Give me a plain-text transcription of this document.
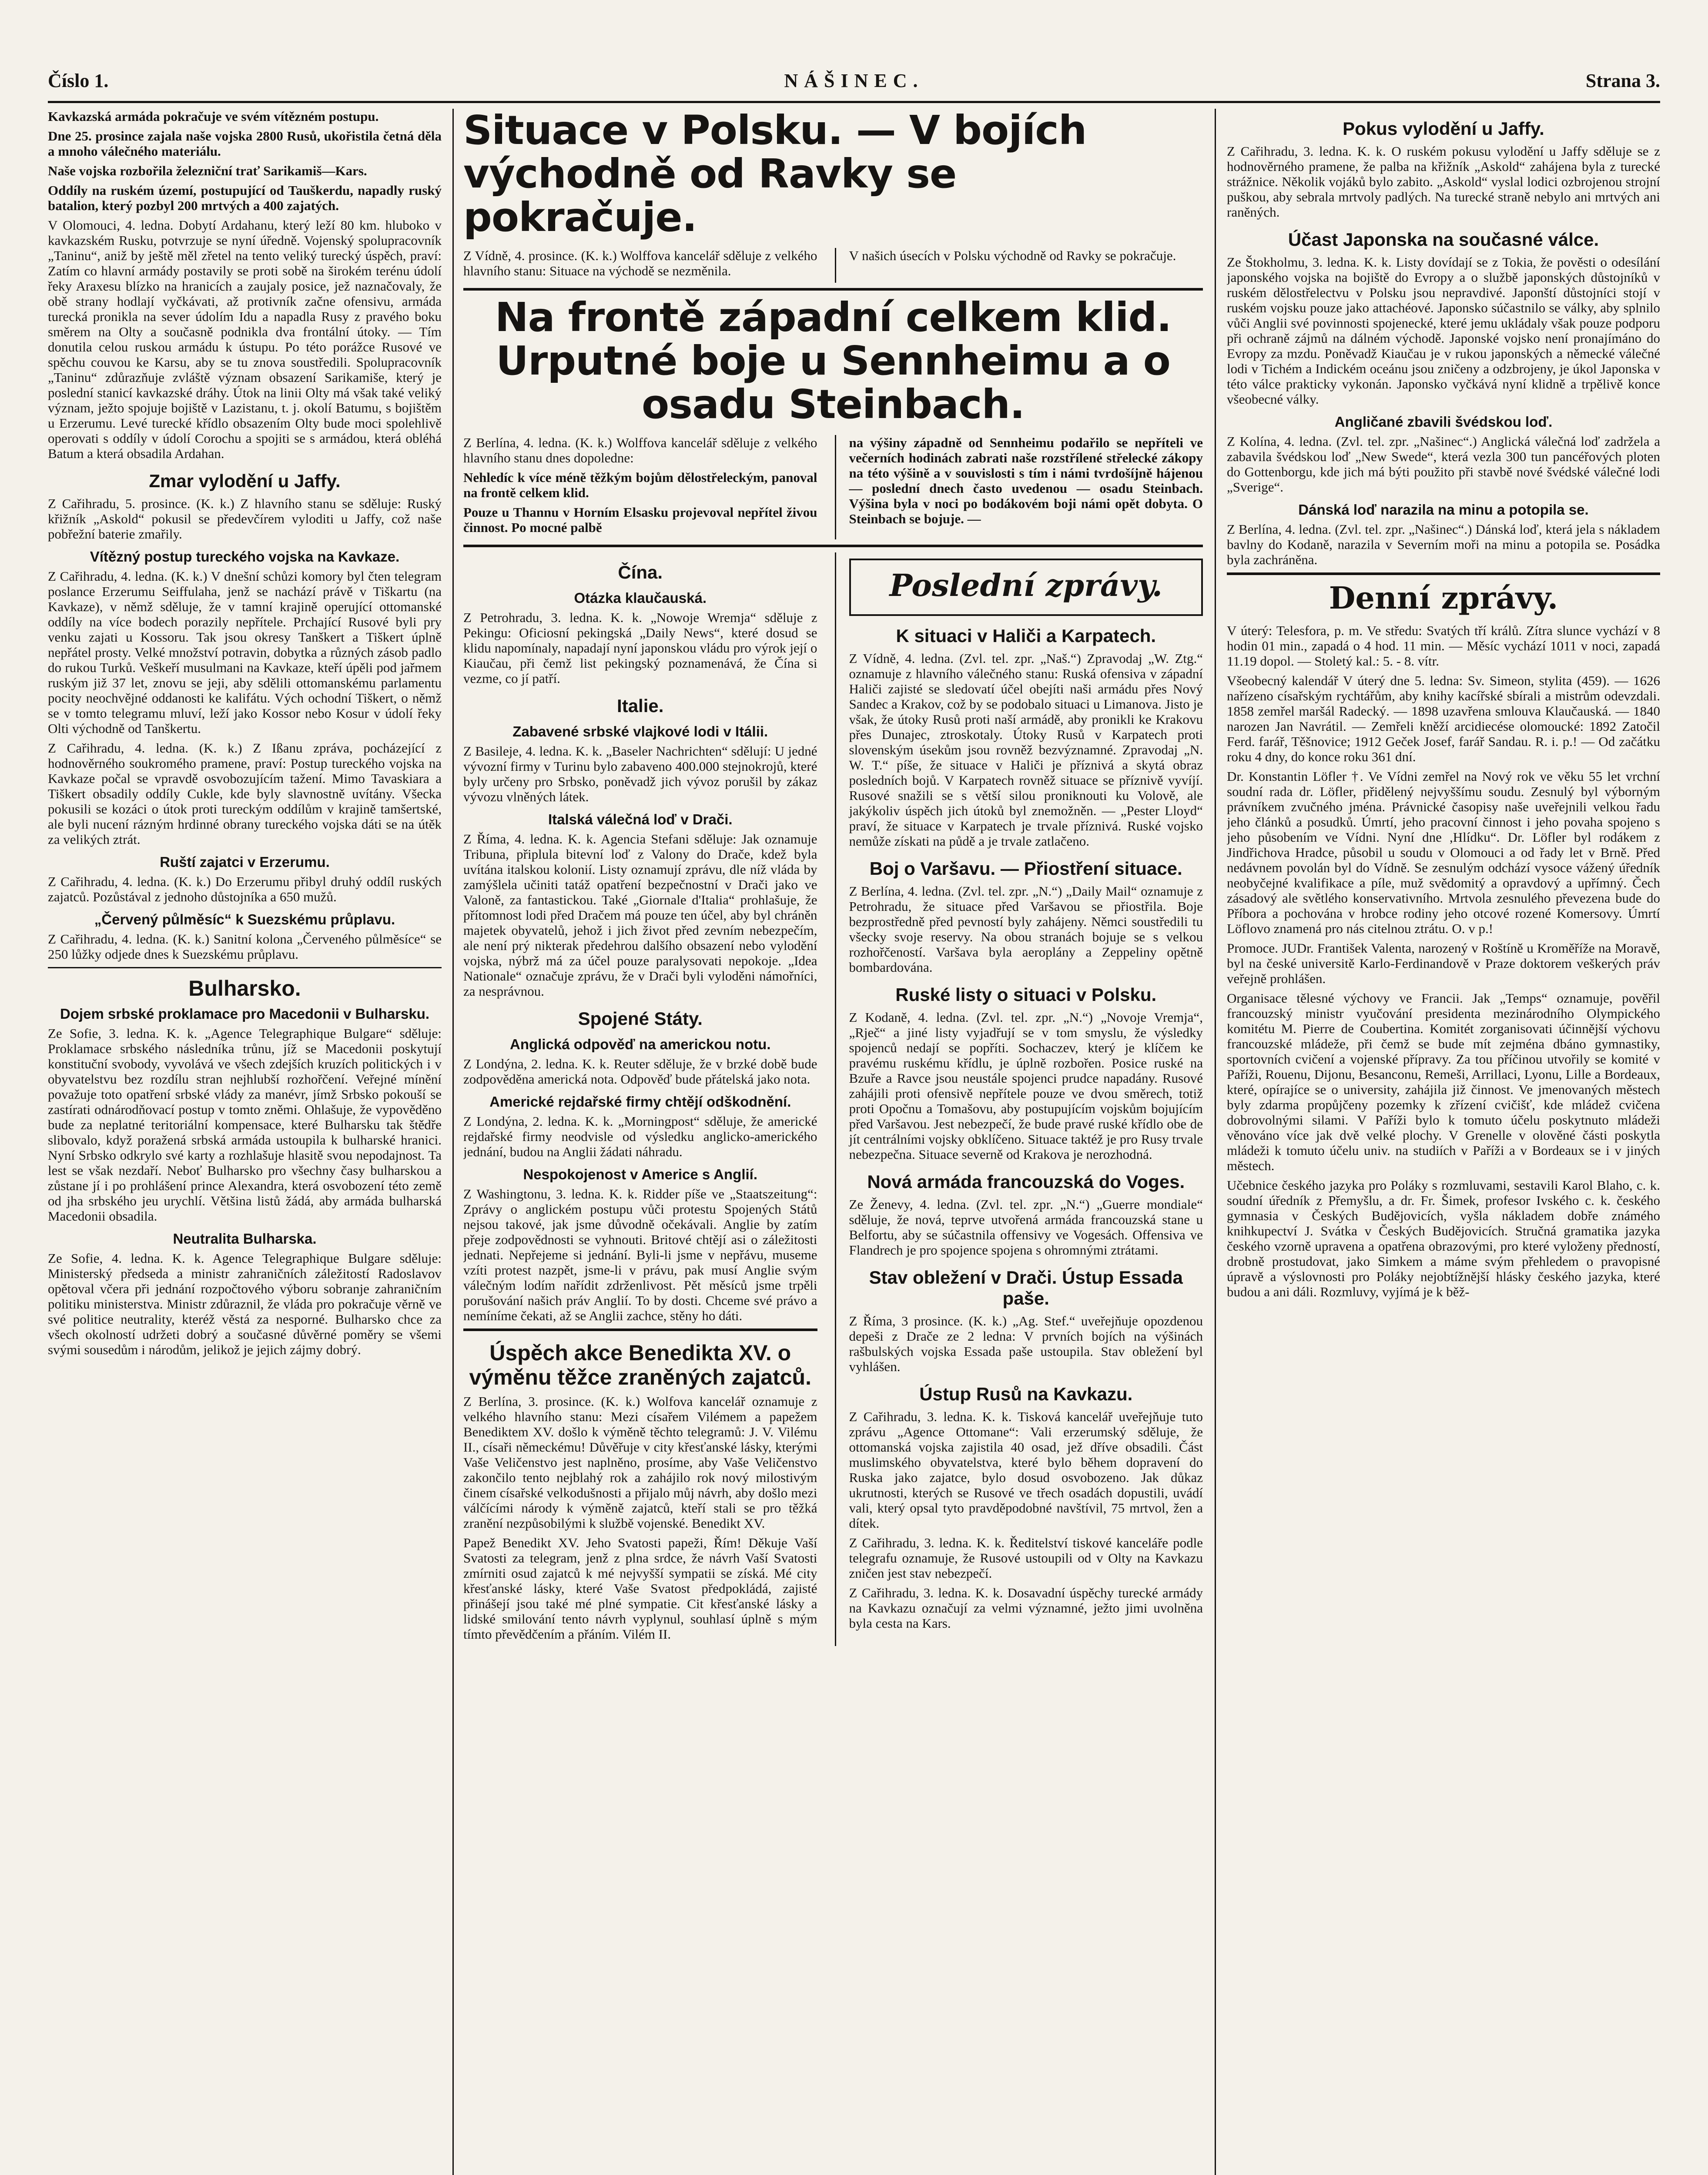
Číslo 1.	NÁŠINEC.	Strana 3.

Kavkazská armáda pokračuje ve svém vítězném postupu.

Dne 25. prosince zajala naše vojska 2800 Rusů, ukořistila četná děla a mnoho válečného materiálu.

Naše vojska rozbořila železniční trať Sarikamiš—Kars.

Oddíly na ruském území, postupující od Tauškerdu, napadly ruský batalion, který pozbyl 200 mrtvých a 400 zajatých.

V Olomouci, 4. ledna. Dobytí Ardahanu, který leží 80 km. hluboko v kavkazském Rusku, potvrzuje se nyní úředně. Vojenský spolupracovník „Taninu“, aniž by ještě měl zřetel na tento veliký turecký úspěch, praví: Zatím co hlavní armády postavily se proti sobě na širokém terénu údolí řeky Araxesu blízko na hranicích a zaujaly posice, jež naznačovaly, že obě strany hodlají vyčkávati, až protivník začne ofensivu, armáda turecká pronikla na sever údolím Idu a napadla Rusy z pravého boku směrem na Olty a současně podnikla dva frontální útoky. — Tím donutila celou ruskou armádu k ústupu. Po této porážce Rusové ve spěchu couvou ke Karsu, aby se tu znova soustředili. Spolupracovník „Taninu“ zdůrazňuje zvláště význam obsazení Sarikamiše, který je poslední stanicí kavkazské dráhy. Útok na linii Olty má však také veliký význam, ježto spojuje bojiště v Lazistanu, t. j. okolí Batumu, s bojištěm u Erzerumu. Levé turecké křídlo obsazením Olty bude moci spolehlivě operovati s oddíly v údolí Corochu a spojiti se s armádou, která obléhá Batum a která obsadila Ardahan.

Zmar vylodění u Jaffy.

Z Cařihradu, 5. prosince. (K. k.) Z hlavního stanu se sděluje: Ruský křižník „Askold“ pokusil se předevčírem vyloditi u Jaffy, což naše pobřežní baterie zmařily.

Vítězný postup tureckého vojska na Kavkaze.

Z Cařihradu, 4. ledna. (K. k.) V dnešní schůzi komory byl čten telegram poslance Erzerumu Seiffulaha, jenž se nachází právě v Tiškartu (na Kavkaze), v němž sděluje, že v tamní krajině operující ottomanské oddíly na více bodech porazily nepřítele. Prchající Rusové byli pry venku zajati u Kossoru. Tak jsou okresy Tanškert a Tiškert úplně nepřátel prosty. Velké množství potravin, dobytka a různých zásob padlo do rukou Turků. Veškeří musulmani na Kavkaze, kteří úpěli pod jařmem ruským již 37 let, znovu se jeji, aby sdělili ottomanskému parlamentu pocity neochvějné oddanosti ke kalifátu. Vých ochodní Tiškert, o němž se v tomto telegramu mluví, leží jako Kossor nebo Kosur v údolí řeky Olti východně od Tanškertu.

Z Cařihradu, 4. ledna. (K. k.) Z Ißanu zpráva, pocházející z hodnověrného soukromého pramene, praví: Postup tureckého vojska na Kavkaze počal se vpravdě osvobozujícím tažení. Mimo Tavaskiara a Tiškert obsadily oddíly Cukle, kde byly slavnostně uvítány. Všecka pokusili se kozáci o útok proti tureckým oddílům v krajině tamšertské, ale byli nucení rázným hrdinné obrany tureckého vojska dáti se na útěk za velikých ztrát.

Ruští zajatci v Erzerumu.

Z Cařihradu, 4. ledna. (K. k.) Do Erzerumu přibyl druhý oddíl ruských zajatců. Pozůstával z jednoho důstojníka a 650 mužů.

„Červený půlměsíc“ k Suezskému průplavu.

Z Cařihradu, 4. ledna. (K. k.) Sanitní kolona „Červeného půlměsíce“ se 250 lůžky odjede dnes k Suezskému průplavu.

Bulharsko.
Dojem srbské proklamace pro Macedonii v Bulharsku.

Ze Sofie, 3. ledna. K. k. „Agence Telegraphique Bulgare“ sděluje: Proklamace srbského následníka trůnu, jíž se Macedonii poskytují konstituční svobody, vyvolává ve všech zdejších kruzích politických i v obyvatelstvu bez rozdílu stran nejhlubší rozhořčení. Veřejné mínění považuje toto opatření srbské vlády za manévr, jímž Srbsko pokouší se zastírati odnárodňovací postup v tomto zněmi. Ohlašuje, že vypověděno bude za neplatné teritoriální kompensace, které Bulharsku tak štědře slibovalo, když poražená srbská armáda ustoupila k bulharské hranici. Nyní Srbsko odkrylo své karty a rozhlašuje hlasitě svou nepodajnost. Ta lest se však nezdaří. Neboť Bulharsko pro všechny časy bulharskou a zůstane jí i po prohlášení prince Alexandra, která osvobození této země od jha srbského jeu urychlí. Většina listů žádá, aby armáda bulharská Macedonii obsadila.

Neutralita Bulharska.

Ze Sofie, 4. ledna. K. k. Agence Telegraphique Bulgare sděluje: Ministerský předseda a ministr zahraničních záležitostí Radoslavov opětoval včera při jednání rozpočtového výboru sobranje zahraničním politiku ministerstva. Ministr zdůraznil, že vláda pro pokračuje věrně ve své politice neutrality, kteréž věstá za nesporné. Bulharsko chce za všech okolností udržeti dobrý a současné důvěrné poměry se všemi svými sousedům i národům, jelikož je jejich zájmy dobrý.

Situace v Polsku. — V bojích východně od Ravky se pokračuje.

Z Vídně, 4. prosince. (K. k.) Wolffova kancelář sděluje z velkého hlavního stanu: Situace na východě se nezměnila.

V našich úsecích v Polsku východně od Ravky se pokračuje.

Na frontě západní celkem klid. Urputné boje u Sennheimu a o osadu Steinbach.

Z Berlína, 4. ledna. (K. k.) Wolffova kancelář sděluje z velkého hlavního stanu dnes dopoledne:

Nehledíc k více méně těžkým bojům dělostřeleckým, panoval na frontě celkem klid.

Pouze u Thannu v Horním Elsasku projevoval nepřítel živou činnost. Po mocné palbě

na výšiny západně od Sennheimu podařilo se nepříteli ve večerních hodinách zabrati naše rozstřílené střelecké zákopy na této výšině a v souvislosti s tím i námi tvrdošíjně hájenou — poslední dnech často uvedenou — osadu Steinbach. Výšina byla v noci po bodákovém boji námi opět dobyta. O Steinbach se bojuje. —

Čína.
Otázka klaučauská.

Z Petrohradu, 3. ledna. K. k. „Nowoje Wremja“ sděluje z Pekingu: Oficiosní pekingská „Daily News“, které dosud se klidu napomínaly, napadají nyní japonskou vládu pro výrok její o Kiaučau, při čemž list pekingský poznamenává, že Čína si vezme, co jí patří.

Italie.
Zabavené srbské vlajkové lodi v Itálii.

Z Basileje, 4. ledna. K. k. „Baseler Nachrichten“ sdělují: U jedné vývozní firmy v Turinu bylo zabaveno 400.000 stejnokrojů, které byly určeny pro Srbsko, poněvadž jich vývoz porušil by zákaz vývozu vlněných látek.

Italská válečná loď v Drači.

Z Říma, 4. ledna. K. k. Agencia Stefani sděluje: Jak oznamuje Tribuna, připlula bitevní loď z Valony do Drače, kdež byla uvítána italskou kolonií. Listy oznamují zprávu, dle níž vláda by zamýšlela učiniti tatáž opatření bezpečnostní v Drači jako ve Valoně, za fantastickou. Také „Giornale d'Italia“ prohlašuje, že přítomnost lodi před Dračem má pouze ten účel, aby byl chráněn majetek obyvatelů, jehož i jich život před zevním nebezpečím, ale není prý nikterak předehrou dalšího obsazení nebo vylodění vojska, nýbrž má za účel pouze paralysovati nepokoje. „Idea Nationale“ označuje zprávu, že v Drači byli vyloděni námořníci, za nesprávnou.

Spojené Státy.
Anglická odpověď na americkou notu.

Z Londýna, 2. ledna. K. k. Reuter sděluje, že v brzké době bude zodpověděna americká nota. Odpověď bude přátelská jako nota.

Americké rejdařské firmy chtějí odškodnění.

Z Londýna, 2. ledna. K. k. „Morningpost“ sděluje, že americké rejdařské firmy neodvisle od výsledku anglicko-amerického jednání, budou na Anglii žádati náhradu.

Nespokojenost v Americe s Anglií.

Z Washingtonu, 3. ledna. K. k. Ridder píše ve „Staatszeitung“: Zprávy o anglickém postupu vůči protestu Spojených Států nejsou takové, jak jsme důvodně očekávali. Anglie by zatím přeje zodpovědnosti se vyhnouti. Britové chtějí asi o záležitosti jednati. Nepřejeme si jednání. Byli-li jsme v nepřávu, museme vzíti protest nazpět, jsme-li v právu, pak musí Anglie svým válečným lodím nařídit zdrženlivost. Pět měsíců jsme trpěli porušování našich práv Anglií. To by dosti. Chceme své právo a nemíníme čekati, až se Anglii zachce, stěny ho dáti.

Úspěch akce Benedikta XV. o výměnu těžce zraněných zajatců.

Z Berlína, 3. prosince. (K. k.) Wolfova kancelář oznamuje z velkého hlavního stanu: Mezi císařem Vilémem a papežem Benediktem XV. došlo k výměně těchto telegramů: J. V. Vilému II., císaři německému! Důvěřuje v city křesťanské lásky, kterými Vaše Veličenstvo jest naplněno, prosíme, aby Vaše Veličenstvo zakončilo tento nejblahý rok a zahájilo rok nový milostivým činem císařské velkodušnosti a přijalo můj návrh, aby došlo mezi válčícími národy k výměně zajatců, kteří stali se pro těžká zranění nezpůsobilými k službě vojenské. Benedikt XV.

Papež Benedikt XV. Jeho Svatosti papeži, Řím! Děkuje Vaší Svatosti za telegram, jenž z plna srdce, že návrh Vaší Svatosti zmírniti osud zajatců k mé nejvyšší sympatii se získá. Mé city křesťanské lásky, které Vaše Svatost předpokládá, zajisté přinášejí jsou také mé plné sympatie. Cit křesťanské lásky a lidské smilování tento návrh vyplynul, souhlasí úplně s mým tímto převědčením a přáním. Vilém II.

Poslední zprávy.
K situaci v Haliči a Karpatech.

Z Vídně, 4. ledna. (Zvl. tel. zpr. „Naš.“) Zpravodaj „W. Ztg.“ oznamuje z hlavního válečného stanu: Ruská ofensiva v západní Haliči zajisté se sledovatí účel obejíti naši armádu přes Nový Sandec a Krakov, což by se podobalo situaci u Limanova. Jisto je však, že útoky Rusů proti naší armádě, aby pronikli ke Krakovu přes Dunajec, ztroskotaly. Útoky Rusů v Karpatech proti slovenským úsekům jsou rovněž bezvýznamné. Zpravodaj „N. W. T.“ píše, že situace v Haliči je příznivá a skytá obraz posledních bojů. V Karpatech rovněž situace se příznivě vyvíjí. Rusové snažili se s větší silou proniknouti ku Volově, ale jakýkoliv úspěch jich útoků byl znemožněn. — „Pester Lloyd“ praví, že situace v Karpatech je trvale příznivá. Ruské vojsko nemůže získati na půdě a je trvale zatlačeno.

Boj o Varšavu. — Přiostření situace.

Z Berlína, 4. ledna. (Zvl. tel. zpr. „N.“) „Daily Mail“ oznamuje z Petrohradu, že situace před Varšavou se přiostřila. Boje bezprostředně před pevností byly zahájeny. Němci soustředili tu všecky svoje reservy. Na obou stranách bojuje se s velkou rozhořčeností. Varšava byla aeroplány a Zeppeliny opětně bombardována.

Ruské listy o situaci v Polsku.

Z Kodaně, 4. ledna. (Zvl. tel. zpr. „N.“) „Novoje Vremja“, „Rječ“ a jiné listy vyjadřují se v tom smyslu, že výsledky spojenců nedají se popříti. Sochaczev, který je klíčem ke pravému ruskému křídlu, je úplně rozbořen. Posice ruské na Bzuře a Ravce jsou neustále spojenci prudce napadány. Rusové zahájili proti ofensivě nepřítele pouze ve dvou směrech, totiž proti Opočnu a Tomašovu, aby postupujícím vojskům bojujícím před Varšavou. Jest nebezpečí, že bude pravé ruské křídlo obe de jít centrálními vojsky obklíčeno. Situace taktéž je pro Rusy trvale nebezpečna. Situace severně od Krakova je nerozhodná.

Nová armáda francouzská do Voges.

Ze Ženevy, 4. ledna. (Zvl. tel. zpr. „N.“) „Guerre mondiale“ sděluje, že nová, teprve utvořená armáda francouzská stane u Belfortu, aby se súčastnila offensivy ve Vogesách. Offensiva ve Flandrech je pro spojence spojena s ohromnými ztrátami.

Stav obležení v Drači. Ústup Essada paše.

Z Říma, 3 prosince. (K. k.) „Ag. Stef.“ uveřejňuje opozdenou depeši z Drače ze 2 ledna: V prvních bojích na výšinách rašbulských vojska Essada paše ustoupila. Stav obležení byl vyhlášen.

Ústup Rusů na Kavkazu.

Z Cařihradu, 3. ledna. K. k. Tisková kancelář uveřejňuje tuto zprávu „Agence Ottomane“: Vali erzerumský sděluje, že ottomanská vojska zajistila 40 osad, jež dříve obsadili. Část muslimského obyvatelstva, které bylo během dopravení do Ruska jako zajatce, bylo dosud osvobozeno. Jak důkaz ukrutnosti, kterých se Rusové ve třech osadách dopustili, uvádí vali, který opsal tyto pravděpodobné navštívil, 75 mrtvol, žen a dítek.

Z Cařihradu, 3. ledna. K. k. Ředitelství tiskové kanceláře podle telegrafu oznamuje, že Rusové ustoupili od v Olty na Kavkazu zničen jest stav nebezpečí.

Z Cařihradu, 3. ledna. K. k. Dosavadní úspěchy turecké armády na Kavkazu označují za velmi významné, ježto jimi uvolněna byla cesta na Kars.

Pokus vylodění u Jaffy.

Z Cařihradu, 3. ledna. K. k. O ruském pokusu vylodění u Jaffy sděluje se z hodnověrného pramene, že palba na křižník „Askold“ zahájena byla z turecké strážnice. Několik vojáků bylo zabito. „Askold“ vyslal lodici ozbrojenou strojní puškou, aby sebrala mrtvoly padlých. Na turecké straně nebylo ani mrtvých ani raněných.

Účast Japonska na současné válce.

Ze Štokholmu, 3. ledna. K. k. Listy dovídají se z Tokia, že pověsti o odesílání japonského vojska na bojiště do Evropy a o službě japonských důstojníků v ruském dělostřelectvu v Polsku jsou nepravdivé. Japonští důstojníci stojí v ruském vojsku pouze jako attachéové. Japonsko súčastnilo se války, aby splnilo vůči Anglii své povinnosti spojenecké, které jemu ukládaly však pouze podporu při ochraně zájmů na dálném východě. Japonské vojsko není pronajímáno do Evropy za mzdu. Poněvadž Kiaučau je v rukou japonských a německé válečné lodi v Tichém a Indickém oceánu jsou zničeny a odzbrojeny, je úkol Japonska v této válce prakticky vykonán. Japonsko vyčkává nyní klidně a trpělivě konce všeobecné války.

Angličané zbavili švédskou loď.

Z Kolína, 4. ledna. (Zvl. tel. zpr. „Našinec“.) Anglická válečná loď zadržela a zabavila švédskou loď „New Swede“, která vezla 300 tun pancéřových ploten do Gottenborgu, kde jich má býti použito při stavbě nové švédské válečné lodi „Sverige“.

Dánská loď narazila na minu a potopila se.

Z Berlína, 4. ledna. (Zvl. tel. zpr. „Našinec“.) Dánská loď, která jela s nákladem bavlny do Kodaně, narazila v Severním moři na minu a potopila se. Posádka byla zachráněna.

Denní zprávy.

V úterý: Telesfora, p. m. Ve středu: Svatých tří králů. Zítra slunce vychází v 8 hodin 01 min., zapadá o 4 hod. 11 min. — Měsíc vychází 1011 v noci, zapadá 11.19 dopol. — Stoletý kal.: 5. - 8. vítr.

Všeobecný kalendář V úterý dne 5. ledna: Sv. Simeon, stylita (459). — 1626 nařízeno císařským rychtářům, aby knihy kacířské sbírali a mistrům odevzdali. 1858 zemřel maršál Radecký. — 1898 uzavřena smlouva Klaučauská. — 1840 narozen Jan Navrátil. — Zemřeli kněží arcidiecése olomoucké: 1892 Zatočil Ferd. farář, Těšnovice; 1912 Geček Josef, farář Sandau. R. i. p.! — Od začátku roku 4 dny, do konce roku 361 dní.

Dr. Konstantin Löfler †. Ve Vídni zemřel na Nový rok ve věku 55 let vrchní soudní rada dr. Löfler, přidělený nejvyššímu soudu. Zesnulý byl výborným právníkem zvučného jména. Právnické časopisy naše uveřejnili velkou řadu jeho článků a posudků. Úmrtí, jeho pracovní činnost i jeho povaha spojeno s jeho působením ve Vídni. Nyní dne ,Hlídku“. Dr. Löfler byl rodákem z Jindřichova Hradce, působil u soudu v Olomouci a od řady let v Brně. Před nedávnem povolán byl do Vídně. Se zesnulým odchází vysoce vážený úředník neobyčejné kvalifikace a píle, muž svědomitý a opravdový a upřímný. Čech zásadový ale světlého konservativního. Mrtvola zesnulého převezena bude do Příbora a pochována v hrobce rodiny jeho otcové rozené Komersovy. Úmrtí Löflovo znamená pro nás citelnou ztrátu. O. v p.!

Promoce. JUDr. František Valenta, narozený v Roštíně u Kroměříže na Moravě, byl na české universitě Karlo-Ferdinandově v Praze doktorem veškerých práv veřejně prohlášen.

Organisace tělesné výchovy ve Francii. Jak „Temps“ oznamuje, pověřil francouzský ministr vyučování presidenta mezinárodního Olympického komitétu M. Pierre de Coubertina. Komitét zorganisovati účinnější výchovu francouzské mládeže, při čemž se bude mít zejména dbáno gymnastiky, sportovních cvičení a vojenské přípravy. Za tou příčinou utvořily se komité v Paříži, Rouenu, Dijonu, Besanconu, Remeši, Arrillaci, Lyonu, Lille a Bordeaux, které, opírajíce se o university, zahájila již činnost. Ve jmenovaných městech byly zdarma propůjčeny pozemky k zřízení cvičišť, kde mládež cvičena dobrovolnými silami. V Paříži bylo k tomuto účelu poskytnuto mládeži věnováno více jak dvě velké plochy. V Grenelle v olověné části poskytla mládeži k tomuto účelu univ. na studiích v Paříži a v Bordeaux se i v jiných městech.

Učebnice českého jazyka pro Poláky s rozmluvami, sestavili Karol Blaho, c. k. soudní úředník z Přemyšlu, a dr. Fr. Šimek, profesor Ivského c. k. českého gymnasia v Českých Budějovicích, vyšla nákladem dobře známého knihkupectví J. Svátka v Českých Budějovicích. Stručná gramatika jazyka českého vzorně upravena a opatřena obrazovými, pro které vyloženy předností, drobně prostudovat, jako Simkem a máme svým přehledem o pravopisné úpravě a výslovnosti pro Poláky nejobtížnější hlásky českého jazyka, které budou a ani dáli. Rozmluvy, vyjímá je k běž-
